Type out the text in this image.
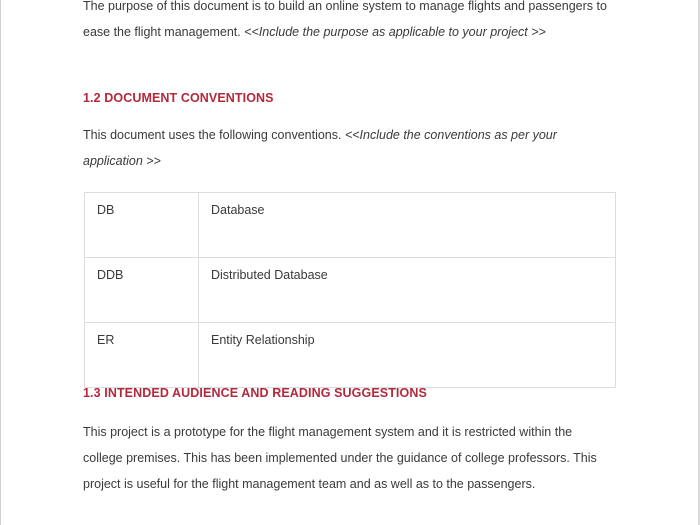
The purpose of this document is to build an online system to manage flights and passengers to ease the flight management. <<Include the purpose as applicable to your project >>

1.2 DOCUMENT CONVENTIONS

This document uses the following conventions. <<Include the conventions as per your application >>

DB	Database
DDB	Distributed Database
ER	Entity Relationship
1.3 INTENDED AUDIENCE AND READING SUGGESTIONS

This project is a prototype for the flight management system and it is restricted within the college premises. This has been implemented under the guidance of college professors. This project is useful for the flight management team and as well as to the passengers.
